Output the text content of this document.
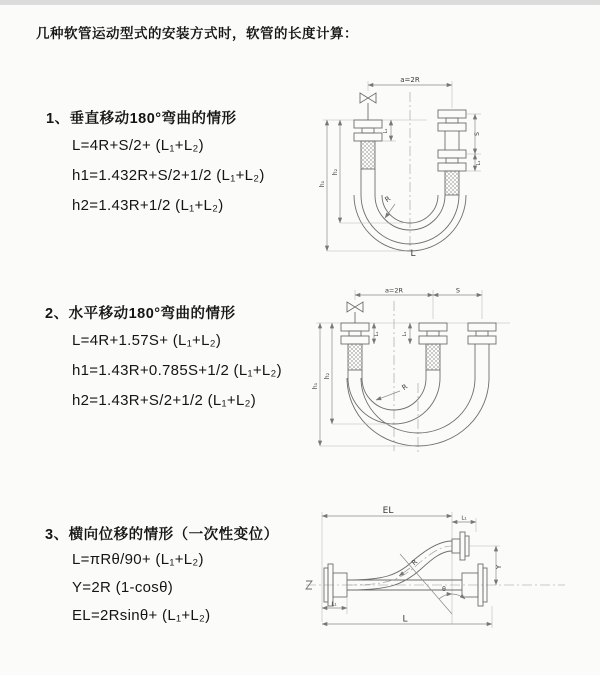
几种软管运动型式的安装方式时，软管的长度计算：
1、垂直移动180°弯曲的情形
L=4R+S/2+ (L₁+L₂)
h1=1.432R+S/2+1/2 (L₁+L₂)
h2=1.43R+1/2 (L₁+L₂)
2、水平移动180°弯曲的情形
L=4R+1.57S+ (L₁+L₂)
h1=1.43R+0.785S+1/2 (L₁+L₂)
h2=1.43R+S/2+1/2 (L₁+L₂)
3、横向位移的情形（一次性变位）
L=πRθ/90+ (L₁+L₂)
Y=2R (1-cosθ)
EL=2Rsinθ+ (L₁+L₂)
a=2R
S
L₁
L₁
h₁
h₂
R
L
a=2R	S
L₁	L₁
h₁
h₂
R
EL
L₁
R
θ
Y
L₁
L
